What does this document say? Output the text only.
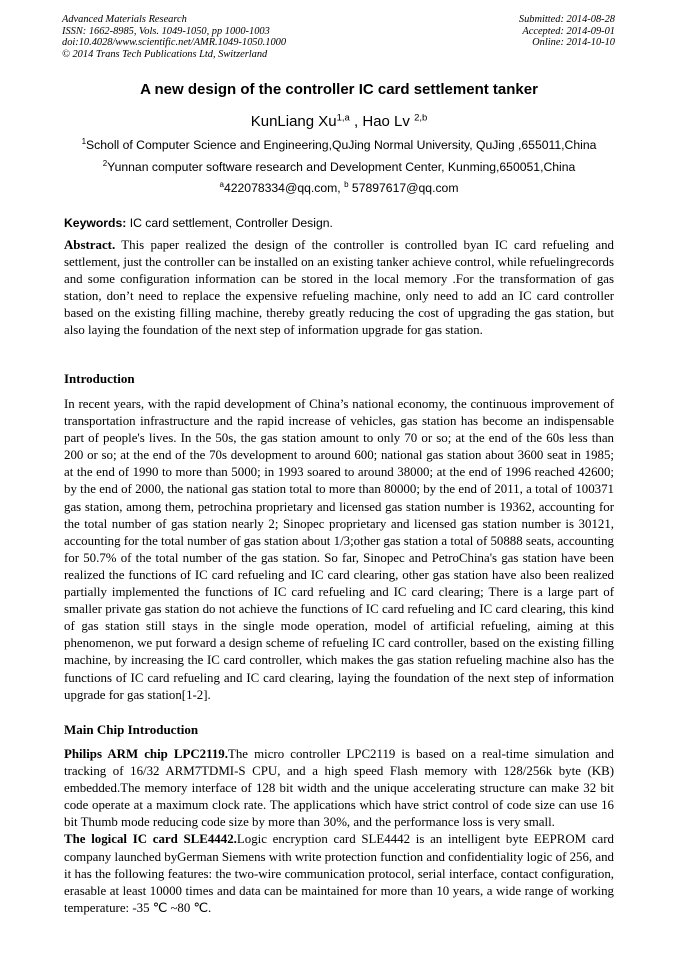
Advanced Materials Research
ISSN: 1662-8985, Vols. 1049-1050, pp 1000-1003
doi:10.4028/www.scientific.net/AMR.1049-1050.1000
© 2014 Trans Tech Publications Ltd, Switzerland
Submitted: 2014-08-28
Accepted: 2014-09-01
Online: 2014-10-10
A new design of the controller IC card settlement tanker
KunLiang Xu$^{1,a}$ , Hao Lv $^{2,b}$
$^1$Scholl of Computer Science and Engineering,QuJing Normal University, QuJing ,655011,China
$^2$Yunnan computer software research and Development Center, Kunming,650051,China
$^a$422078334@qq.com, $^b$ 57897617@qq.com
Keywords: IC card settlement, Controller Design.

Abstract. This paper realized the design of the controller is controlled byan IC card refueling and settlement, just the controller can be installed on an existing tanker achieve control, while refuelingrecords and some configuration information can be stored in the local memory .For the transformation of gas station, don’t need to replace the expensive refueling machine, only need to add an IC card controller based on the existing filling machine, thereby greatly reducing the cost of upgrading the gas station, but also laying the foundation of the next step of information upgrade for gas station.

Introduction

In recent years, with the rapid development of China’s national economy, the continuous improvement of transportation infrastructure and the rapid increase of vehicles, gas station has become an indispensable part of people's lives. In the 50s, the gas station amount to only 70 or so; at the end of the 60s less than 200 or so; at the end of the 70s development to around 600; national gas station about 3600 seat in 1985; at the end of 1990 to more than 5000; in 1993 soared to around 38000; at the end of 1996 reached 42600; by the end of 2000, the national gas station total to more than 80000; by the end of 2011, a total of 100371 gas station, among them, petrochina proprietary and licensed gas station number is 19362, accounting for the total number of gas station nearly 2; Sinopec proprietary and licensed gas station number is 30121, accounting for the total number of gas station about 1/3;other gas station a total of 50888 seats, accounting for 50.7% of the total number of the gas station. So far, Sinopec and PetroChina's gas station have been realized the functions of IC card refueling and IC card clearing, other gas station have also been realized partially implemented the functions of IC card refueling and IC card clearing; There is a large part of smaller private gas station do not achieve the functions of IC card refueling and IC card clearing, this kind of gas station still stays in the single mode operation, model of artificial refueling, aiming at this phenomenon, we put forward a design scheme of refueling IC card controller, based on the existing filling machine, by increasing the IC card controller, which makes the gas station refueling machine also has the functions of IC card refueling and IC card clearing, laying the foundation of the next step of information upgrade for gas station[1-2].

Main Chip Introduction

Philips ARM chip LPC2119.The micro controller LPC2119 is based on a real-time simulation and tracking of 16/32 ARM7TDMI-S CPU, and a high speed Flash memory with 128/256k byte (KB) embedded.The memory interface of 128 bit width and the unique accelerating structure can make 32 bit code operate at a maximum clock rate. The applications which have strict control of code size can use 16 bit Thumb mode reducing code size by more than 30%, and the performance loss is very small.

The logical IC card SLE4442.Logic encryption card SLE4442 is an intelligent byte EEPROM card company launched byGerman Siemens with write protection function and confidentiality logic of 256, and it has the following features: the two-wire communication protocol, serial interface, contact configuration, erasable at least 10000 times and data can be maintained for more than 10 years, a wide range of working temperature: -35 ℃ ~80 ℃.
